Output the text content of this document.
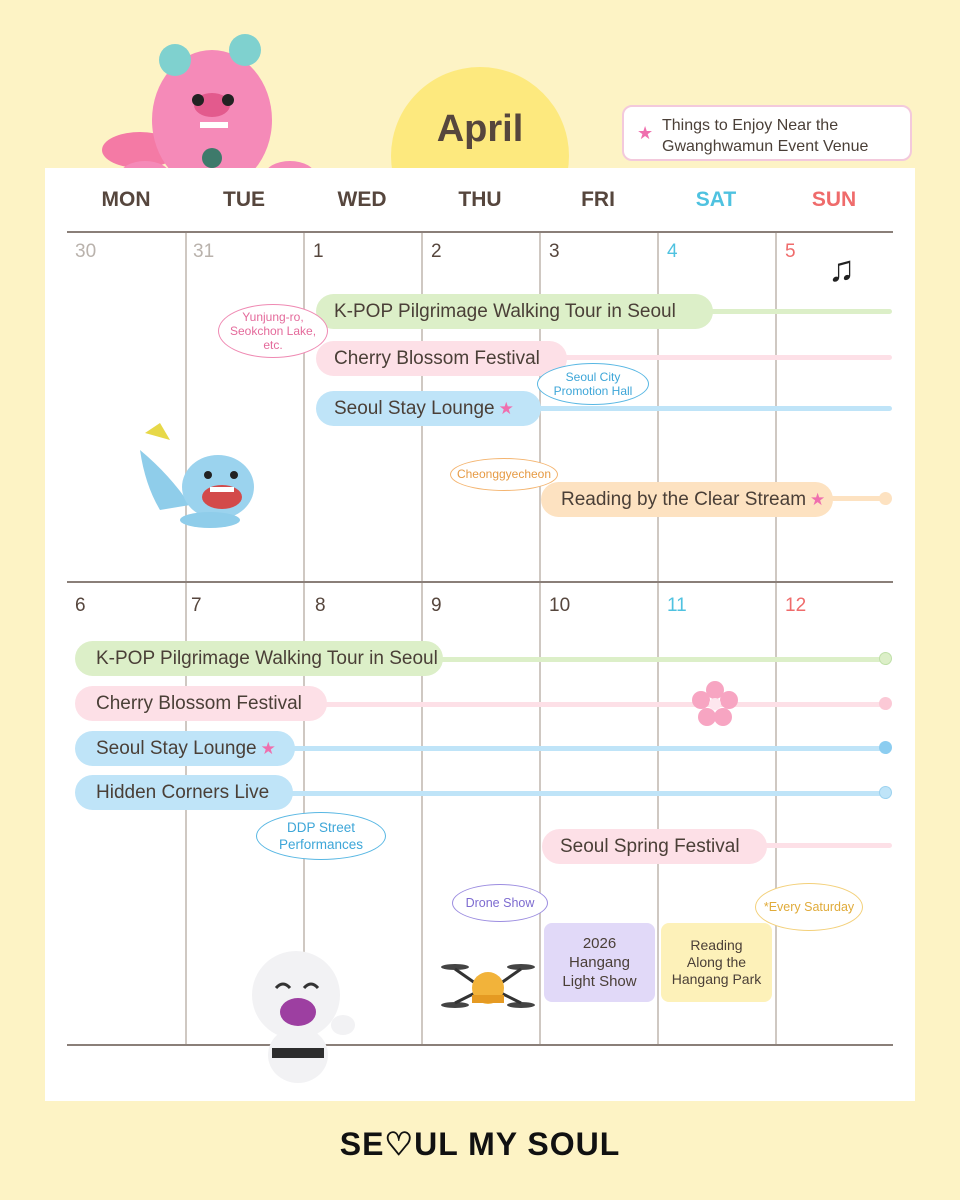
April	★ Things to Enjoy Near the
Gwanghwamun Event Venue
MON	TUE	WED	THU	FRI	SAT	SUN
30	31	1	2	3	4	5 ♫
K-POP Pilgrimage Walking Tour in Seoul
Cherry Blossom Festival
Seoul Stay Lounge ★
Reading by the Clear Stream ★
Yunjung-ro,
Seokchon Lake,
etc.
Seoul City
Promotion Hall
Cheonggyecheon
6	7	8	9	10	11	12
K-POP Pilgrimage Walking Tour in Seoul
Cherry Blossom Festival
Seoul Stay Lounge ★
Hidden Corners Live
Seoul Spring Festival
DDP Street
Performances
Drone Show
2026
Hangang
Light Show
Reading
Along the
Hangang Park
*Every Saturday
SE♡UL MY SOUL
